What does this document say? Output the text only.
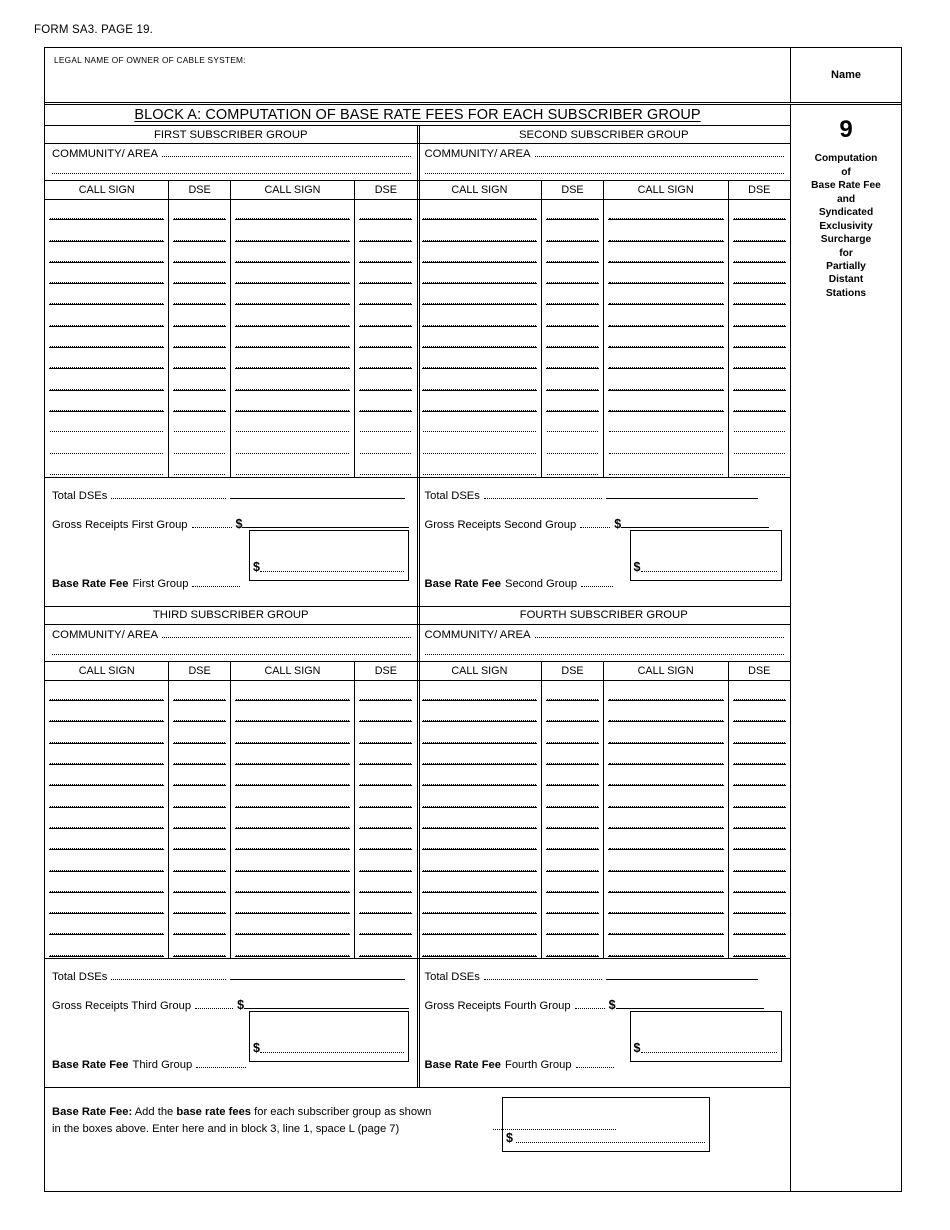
FORM SA3. PAGE 19.
LEGAL NAME OF OWNER OF CABLE SYSTEM:
Name
BLOCK A: COMPUTATION OF BASE RATE FEES FOR EACH SUBSCRIBER GROUP
FIRST SUBSCRIBER GROUP
COMMUNITY/ AREA
CALL SIGN	DSE	CALL SIGN	DSE
Total DSEs
Gross Receipts First Group	$
$
Base Rate Fee First Group
SECOND SUBSCRIBER GROUP
COMMUNITY/ AREA
CALL SIGN	DSE	CALL SIGN	DSE
Total DSEs
Gross Receipts Second Group	$
$
Base Rate Fee Second Group
THIRD SUBSCRIBER GROUP
COMMUNITY/ AREA
CALL SIGN	DSE	CALL SIGN	DSE
Total DSEs
Gross Receipts Third Group	$
$
Base Rate Fee Third Group
FOURTH SUBSCRIBER GROUP
COMMUNITY/ AREA
CALL SIGN	DSE	CALL SIGN	DSE
Total DSEs
Gross Receipts Fourth Group	$
$
Base Rate Fee Fourth Group
Base Rate Fee: Add the base rate fees for each subscriber group as shown
in the boxes above. Enter here and in block 3, line 1, space L (page 7)
$
9
Computation
of
Base Rate Fee
and
Syndicated
Exclusivity
Surcharge
for
Partially
Distant
Stations
